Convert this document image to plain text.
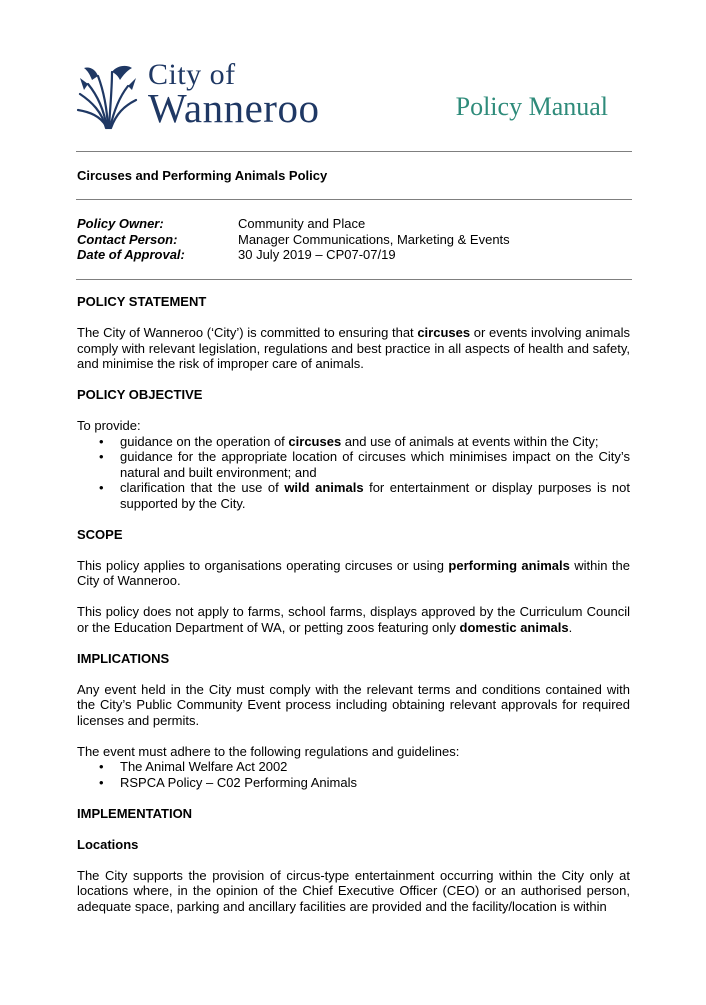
City of
Wanneroo	Policy Manual
Circuses and Performing Animals Policy
Policy Owner:	Community and Place
Contact Person:	Manager Communications, Marketing & Events
Date of Approval:	30 July 2019 – CP07-07/19
POLICY STATEMENT

The City of Wanneroo (‘City’) is committed to ensuring that circuses or events involving animals comply with relevant legislation, regulations and best practice in all aspects of health and safety, and minimise the risk of improper care of animals.

POLICY OBJECTIVE

To provide:

• guidance on the operation of circuses and use of animals at events within the City;
• guidance for the appropriate location of circuses which minimises impact on the City’s natural and built environment; and
• clarification that the use of wild animals for entertainment or display purposes is not supported by the City.
SCOPE

This policy applies to organisations operating circuses or using performing animals within the City of Wanneroo.

This policy does not apply to farms, school farms, displays approved by the Curriculum Council or the Education Department of WA, or petting zoos featuring only domestic animals.

IMPLICATIONS

Any event held in the City must comply with the relevant terms and conditions contained with the City’s Public Community Event process including obtaining relevant approvals for required licenses and permits.

The event must adhere to the following regulations and guidelines:

• The Animal Welfare Act 2002
• RSPCA Policy – C02 Performing Animals
IMPLEMENTATION
Locations

The City supports the provision of circus-type entertainment occurring within the City only at locations where, in the opinion of the Chief Executive Officer (CEO) or an authorised person, adequate space, parking and ancillary facilities are provided and the facility/location is within
